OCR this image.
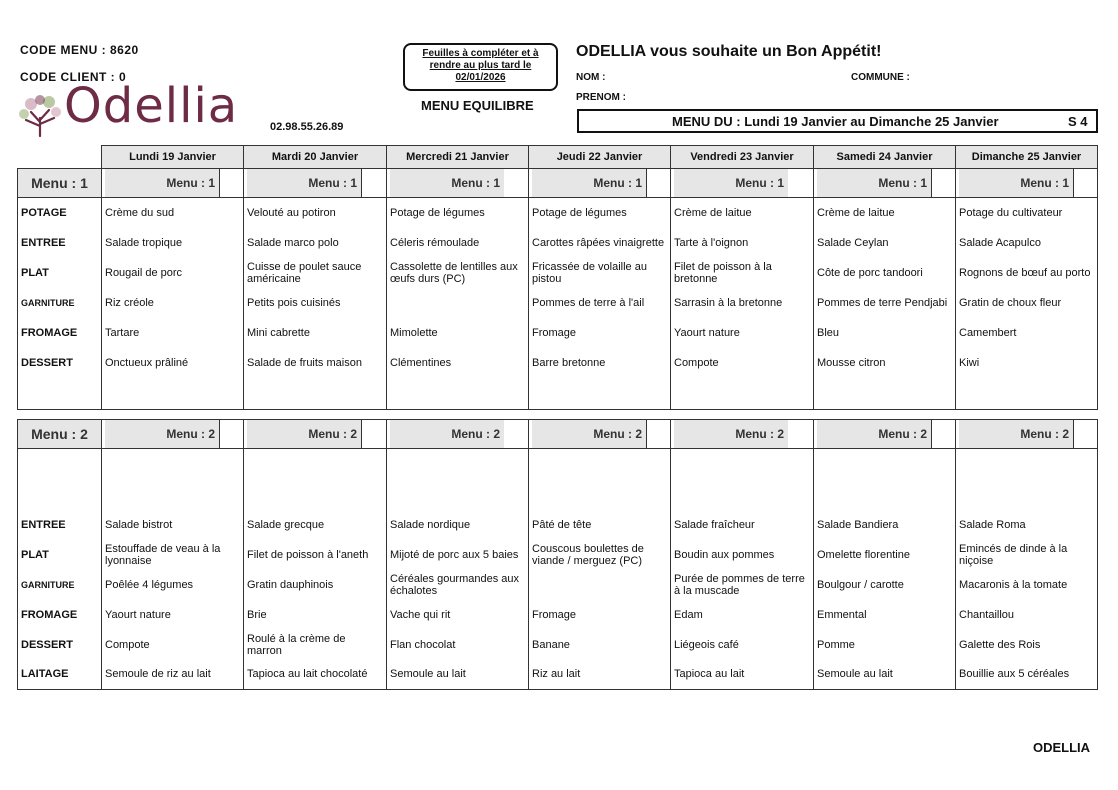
CODE MENU : 8620
CODE CLIENT : 0
Odellia	02.98.55.26.89
Feuilles à compléter et à
rendre au plus tard le
02/01/2026
MENU EQUILIBRE
ODELLIA vous souhaite un Bon Appétit!
NOM :	COMMUNE :
PRENOM :
MENU DU : Lundi 19 Janvier au Dimanche 25 Janvier	S 4
	Lundi 19 Janvier	Mardi 20 Janvier	Mercredi 21 Janvier	Jeudi 22 Janvier	Vendredi 23 Janvier	Samedi 24 Janvier	Dimanche 25 Janvier
Menu : 1	Menu : 1	Menu : 1	Menu : 1	Menu : 1	Menu : 1	Menu : 1	Menu : 1

POTAGE	Crème du sud	Velouté au potiron	Potage de légumes	Potage de légumes	Crème de laitue	Crème de laitue	Potage du cultivateur
ENTREE	Salade tropique	Salade marco polo	Céleris rémoulade	Carottes râpées vinaigrette	Tarte à l'oignon	Salade Ceylan	Salade Acapulco
PLAT	Rougail de porc	Cuisse de poulet sauce américaine	Cassolette de lentilles aux œufs durs (PC)	Fricassée de volaille au pistou	Filet de poisson à la bretonne	Côte de porc tandoori	Rognons de bœuf au porto
GARNITURE	Riz créole	Petits pois cuisinés		Pommes de terre à l'ail	Sarrasin à la bretonne	Pommes de terre Pendjabi	Gratin de choux fleur
FROMAGE	Tartare	Mini cabrette	Mimolette	Fromage	Yaourt nature	Bleu	Camembert
DESSERT	Onctueux prâliné	Salade de fruits maison	Clémentines	Barre bretonne	Compote	Mousse citron	Kiwi

Menu : 2	Menu : 2	Menu : 2	Menu : 2	Menu : 2	Menu : 2	Menu : 2	Menu : 2

ENTREE	Salade bistrot	Salade grecque	Salade nordique	Pâté de tête	Salade fraîcheur	Salade Bandiera	Salade Roma
PLAT	Estouffade de veau à la lyonnaise	Filet de poisson à l'aneth	Mijoté de porc aux 5 baies	Couscous boulettes de viande / merguez (PC)	Boudin aux pommes	Omelette florentine	Emincés de dinde à la niçoise
GARNITURE	Poêlée 4 légumes	Gratin dauphinois	Céréales gourmandes aux échalotes		Purée de pommes de terre à la muscade	Boulgour / carotte	Macaronis à la tomate
FROMAGE	Yaourt nature	Brie	Vache qui rit	Fromage	Edam	Emmental	Chantaillou
DESSERT	Compote	Roulé à la crème de marron	Flan chocolat	Banane	Liégeois café	Pomme	Galette des Rois
LAITAGE	Semoule de riz au lait	Tapioca au lait chocolaté	Semoule au lait	Riz au lait	Tapioca au lait	Semoule au lait	Bouillie aux 5 céréales
ODELLIA
